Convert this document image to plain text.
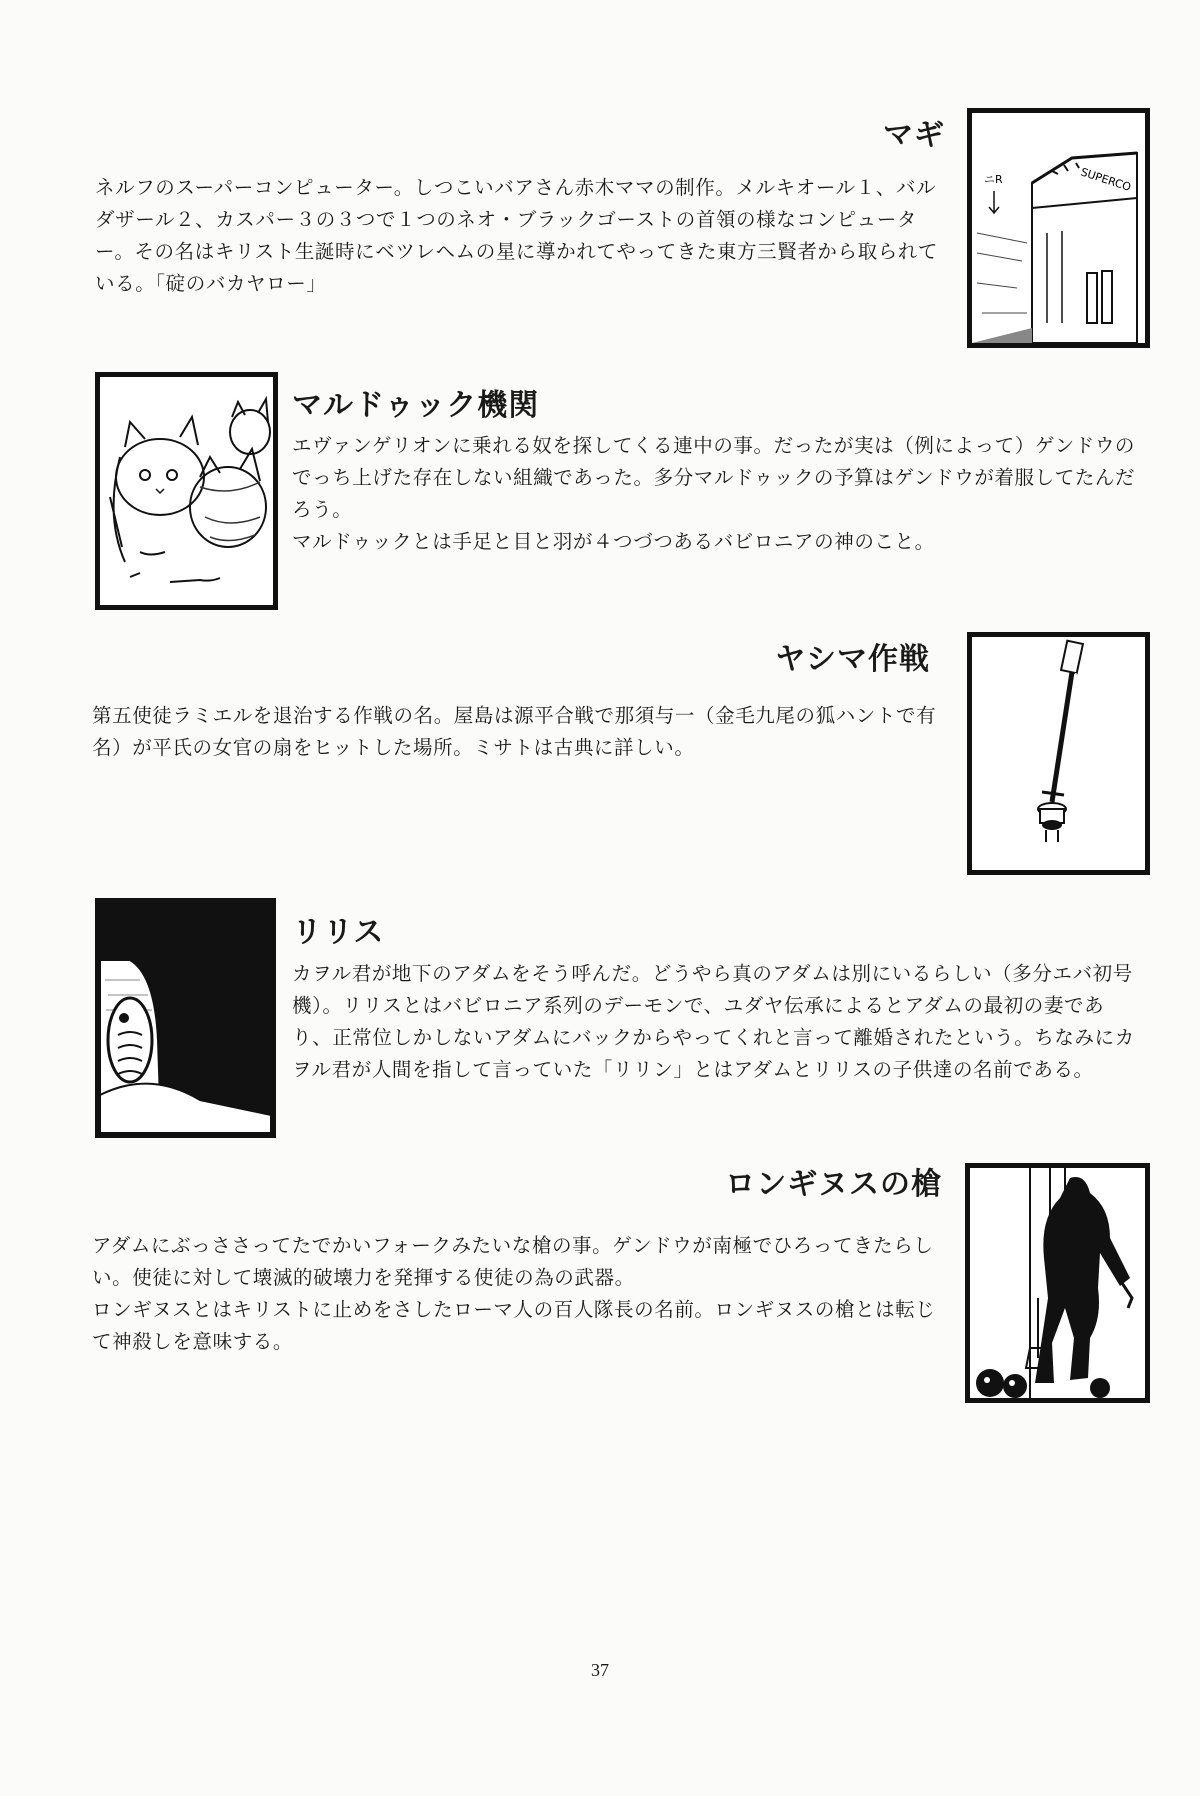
マギ

ネルフのスーパーコンピューター。しつこいバアさん赤木ママの制作。メルキオール１、バルダザール２、カスパー３の３つで１つのネオ・ブラックゴーストの首領の様なコンピューター。その名はキリスト生誕時にベツレヘムの星に導かれてやってきた東方三賢者から取られている。「碇のバカヤロー」

SUPERCO
ニR
マルドゥック機関

エヴァンゲリオンに乗れる奴を探してくる連中の事。だったが実は（例によって）ゲンドウのでっち上げた存在しない組織であった。多分マルドゥックの予算はゲンドウが着服してたんだろう。

マルドゥックとは手足と目と羽が４つづつあるバビロニアの神のこと。

ヤシマ作戦

第五使徒ラミエルを退治する作戦の名。屋島は源平合戦で那須与一（金毛九尾の狐ハントで有名）が平氏の女官の扇をヒットした場所。ミサトは古典に詳しい。

リリス

カヲル君が地下のアダムをそう呼んだ。どうやら真のアダムは別にいるらしい（多分エバ初号機）。リリスとはバビロニア系列のデーモンで、ユダヤ伝承によるとアダムの最初の妻であり、正常位しかしないアダムにバックからやってくれと言って離婚されたという。ちなみにカヲル君が人間を指して言っていた「リリン」とはアダムとリリスの子供達の名前である。

ロンギヌスの槍

アダムにぶっささってたでかいフォークみたいな槍の事。ゲンドウが南極でひろってきたらしい。使徒に対して壊滅的破壊力を発揮する使徒の為の武器。

ロンギヌスとはキリストに止めをさしたローマ人の百人隊長の名前。ロンギヌスの槍とは転じて神殺しを意味する。

37
